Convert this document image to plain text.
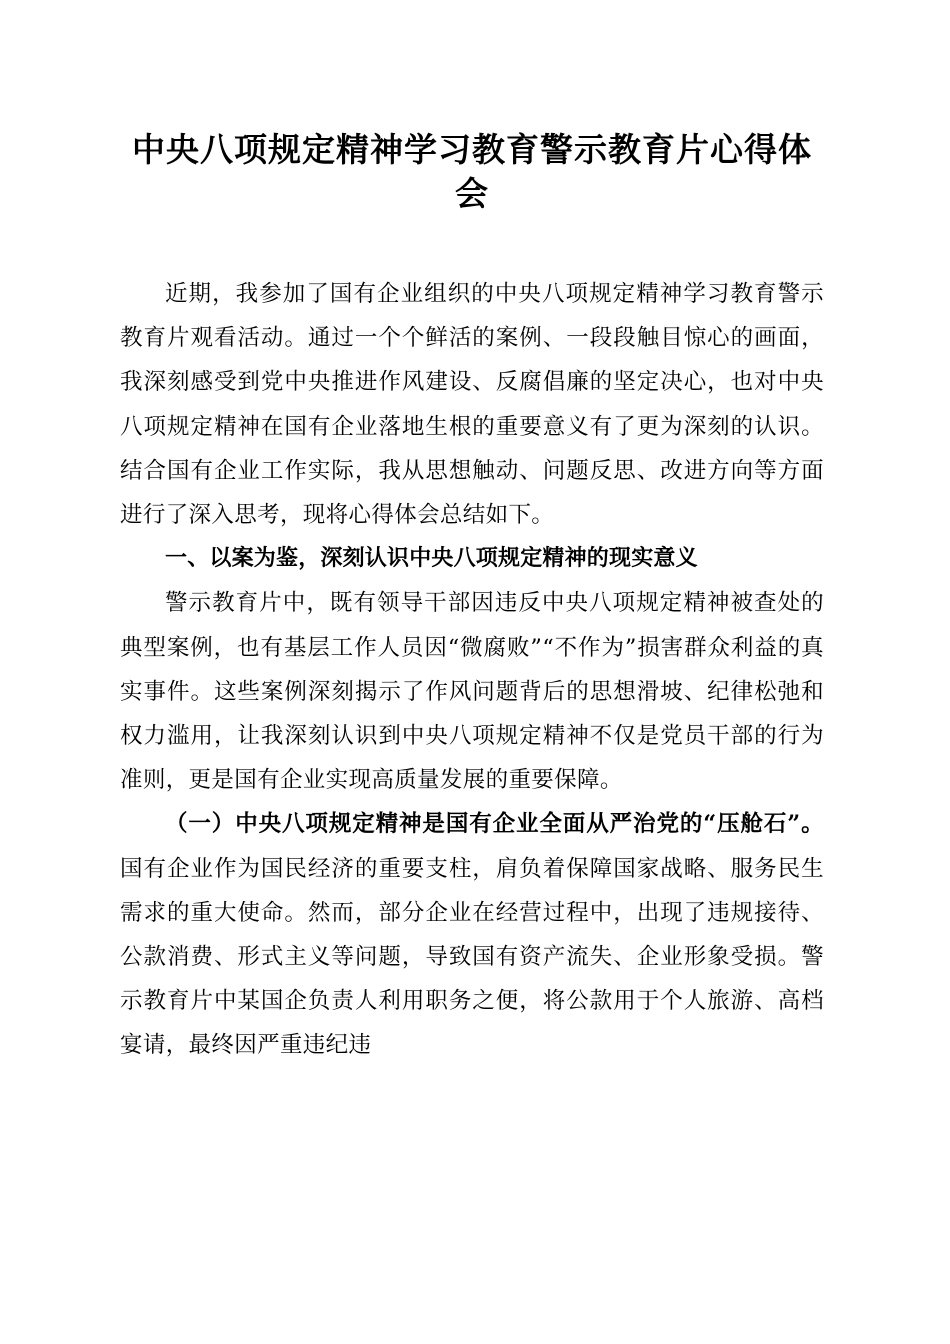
中央八项规定精神学习教育警示教育片心得体会

近期，我参加了国有企业组织的中央八项规定精神学习教育警示教育片观看活动。通过一个个鲜活的案例、一段段触目惊心的画面，我深刻感受到党中央推进作风建设、反腐倡廉的坚定决心，也对中央八项规定精神在国有企业落地生根的重要意义有了更为深刻的认识。结合国有企业工作实际，我从思想触动、问题反思、改进方向等方面进行了深入思考，现将心得体会总结如下。

一、以案为鉴，深刻认识中央八项规定精神的现实意义

警示教育片中，既有领导干部因违反中央八项规定精神被查处的典型案例，也有基层工作人员因“微腐败”“不作为”损害群众利益的真实事件。这些案例深刻揭示了作风问题背后的思想滑坡、纪律松弛和权力滥用，让我深刻认识到中央八项规定精神不仅是党员干部的行为准则，更是国有企业实现高质量发展的重要保障。

（一）中央八项规定精神是国有企业全面从严治党的“压舱石”。国有企业作为国民经济的重要支柱，肩负着保障国家战略、服务民生需求的重大使命。然而，部分企业在经营过程中，出现了违规接待、公款消费、形式主义等问题，导致国有资产流失、企业形象受损。警示教育片中某国企负责人利用职务之便，将公款用于个人旅游、高档宴请，最终因严重违纪违
